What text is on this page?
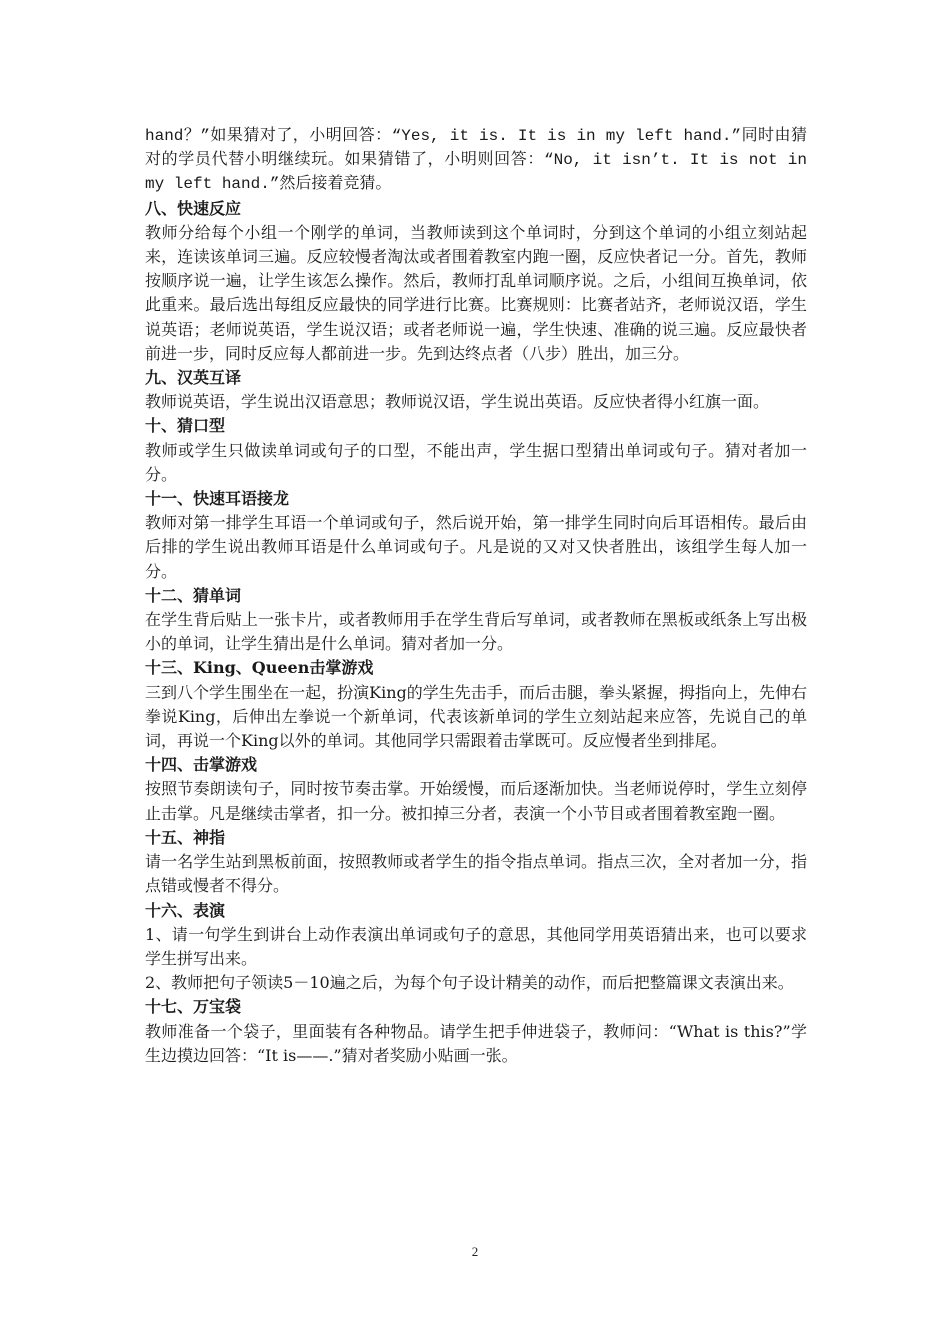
hand？”如果猜对了，小明回答：“Yes, it is. It is in my left hand.”同时由猜对的学员代替小明继续玩。如果猜错了，小明则回答：“No, it isn’t. It is not in my left hand.”然后接着竞猜。

八、快速反应

教师分给每个小组一个刚学的单词，当教师读到这个单词时，分到这个单词的小组立刻站起来，连读该单词三遍。反应较慢者淘汰或者围着教室内跑一圈，反应快者记一分。首先，教师按顺序说一遍，让学生该怎么操作。然后，教师打乱单词顺序说。之后，小组间互换单词，依此重来。最后选出每组反应最快的同学进行比赛。比赛规则：比赛者站齐，老师说汉语，学生说英语；老师说英语，学生说汉语；或者老师说一遍，学生快速、准确的说三遍。反应最快者前进一步，同时反应每人都前进一步。先到达终点者（八步）胜出，加三分。

九、汉英互译

教师说英语，学生说出汉语意思；教师说汉语，学生说出英语。反应快者得小红旗一面。

十、猜口型

教师或学生只做读单词或句子的口型，不能出声，学生据口型猜出单词或句子。猜对者加一分。

十一、快速耳语接龙

教师对第一排学生耳语一个单词或句子，然后说开始，第一排学生同时向后耳语相传。最后由后排的学生说出教师耳语是什么单词或句子。凡是说的又对又快者胜出，该组学生每人加一分。

十二、猜单词

在学生背后贴上一张卡片，或者教师用手在学生背后写单词，或者教师在黑板或纸条上写出极小的单词，让学生猜出是什么单词。猜对者加一分。

十三、King、Queen击掌游戏

三到八个学生围坐在一起，扮演King的学生先击手，而后击腿，拳头紧握，拇指向上，先伸右拳说King，后伸出左拳说一个新单词，代表该新单词的学生立刻站起来应答，先说自己的单词，再说一个King以外的单词。其他同学只需跟着击掌既可。反应慢者坐到排尾。

十四、击掌游戏

按照节奏朗读句子，同时按节奏击掌。开始缓慢，而后逐渐加快。当老师说停时，学生立刻停止击掌。凡是继续击掌者，扣一分。被扣掉三分者，表演一个小节目或者围着教室跑一圈。

十五、神指

请一名学生站到黑板前面，按照教师或者学生的指令指点单词。指点三次，全对者加一分，指点错或慢者不得分。

十六、表演

1、请一句学生到讲台上动作表演出单词或句子的意思，其他同学用英语猜出来，也可以要求学生拼写出来。

2、教师把句子领读5－10遍之后，为每个句子设计精美的动作，而后把整篇课文表演出来。

十七、万宝袋

教师准备一个袋子，里面装有各种物品。请学生把手伸进袋子，教师问：“What is this?”学生边摸边回答：“It is——.”猜对者奖励小贴画一张。

2
